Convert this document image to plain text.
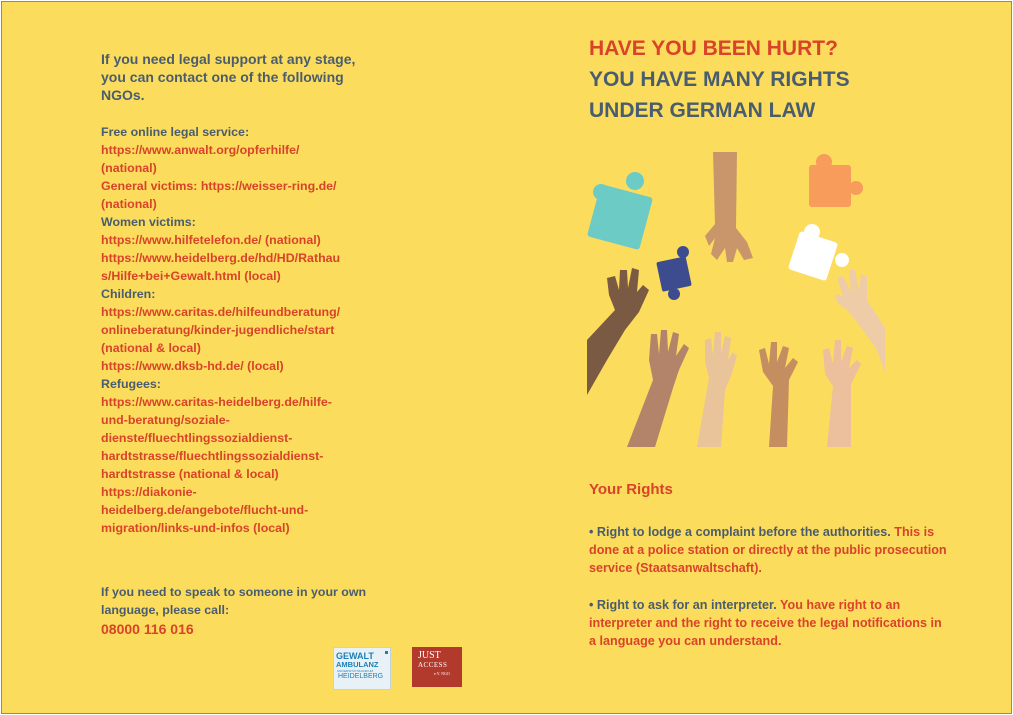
If you need legal support at any stage, you can contact one of the following NGOs.

Free online legal service:
https://www.anwalt.org/opferhilfe/
(national)
General victims: https://weisser-ring.de/
(national)
Women victims:
https://www.hilfetelefon.de/ (national)
https://www.heidelberg.de/hd/HD/Rathau
s/Hilfe+bei+Gewalt.html (local)
Children:
https://www.caritas.de/hilfeundberatung/
onlineberatung/kinder-jugendliche/start
(national & local)
https://www.dksb-hd.de/ (local)
Refugees:
https://www.caritas-heidelberg.de/hilfe-
und-beratung/soziale-
dienste/fluechtlingssozialdienst-
hardtstrasse/fluechtlingssozialdienst-
hardtstrasse (national & local)
https://diakonie-
heidelberg.de/angebote/flucht-und-
migration/links-und-infos (local)
If you need to speak to someone in your own language, please call:
08000 116 016
GEWALT
AMBULANZ
UNIVERSITÄTSKLINIKUM
HEIDELBERG
JUST
ACCESS
e.V. NGO
HAVE YOU BEEN HURT?
YOU HAVE MANY RIGHTS
UNDER GERMAN LAW
Your Rights
• Right to lodge a complaint before the authorities. This is done at a police station or directly at the public prosecution service (Staatsanwaltschaft).
• Right to ask for an interpreter. You have right to an interpreter and the right to receive the legal notifications in a language you can understand.
